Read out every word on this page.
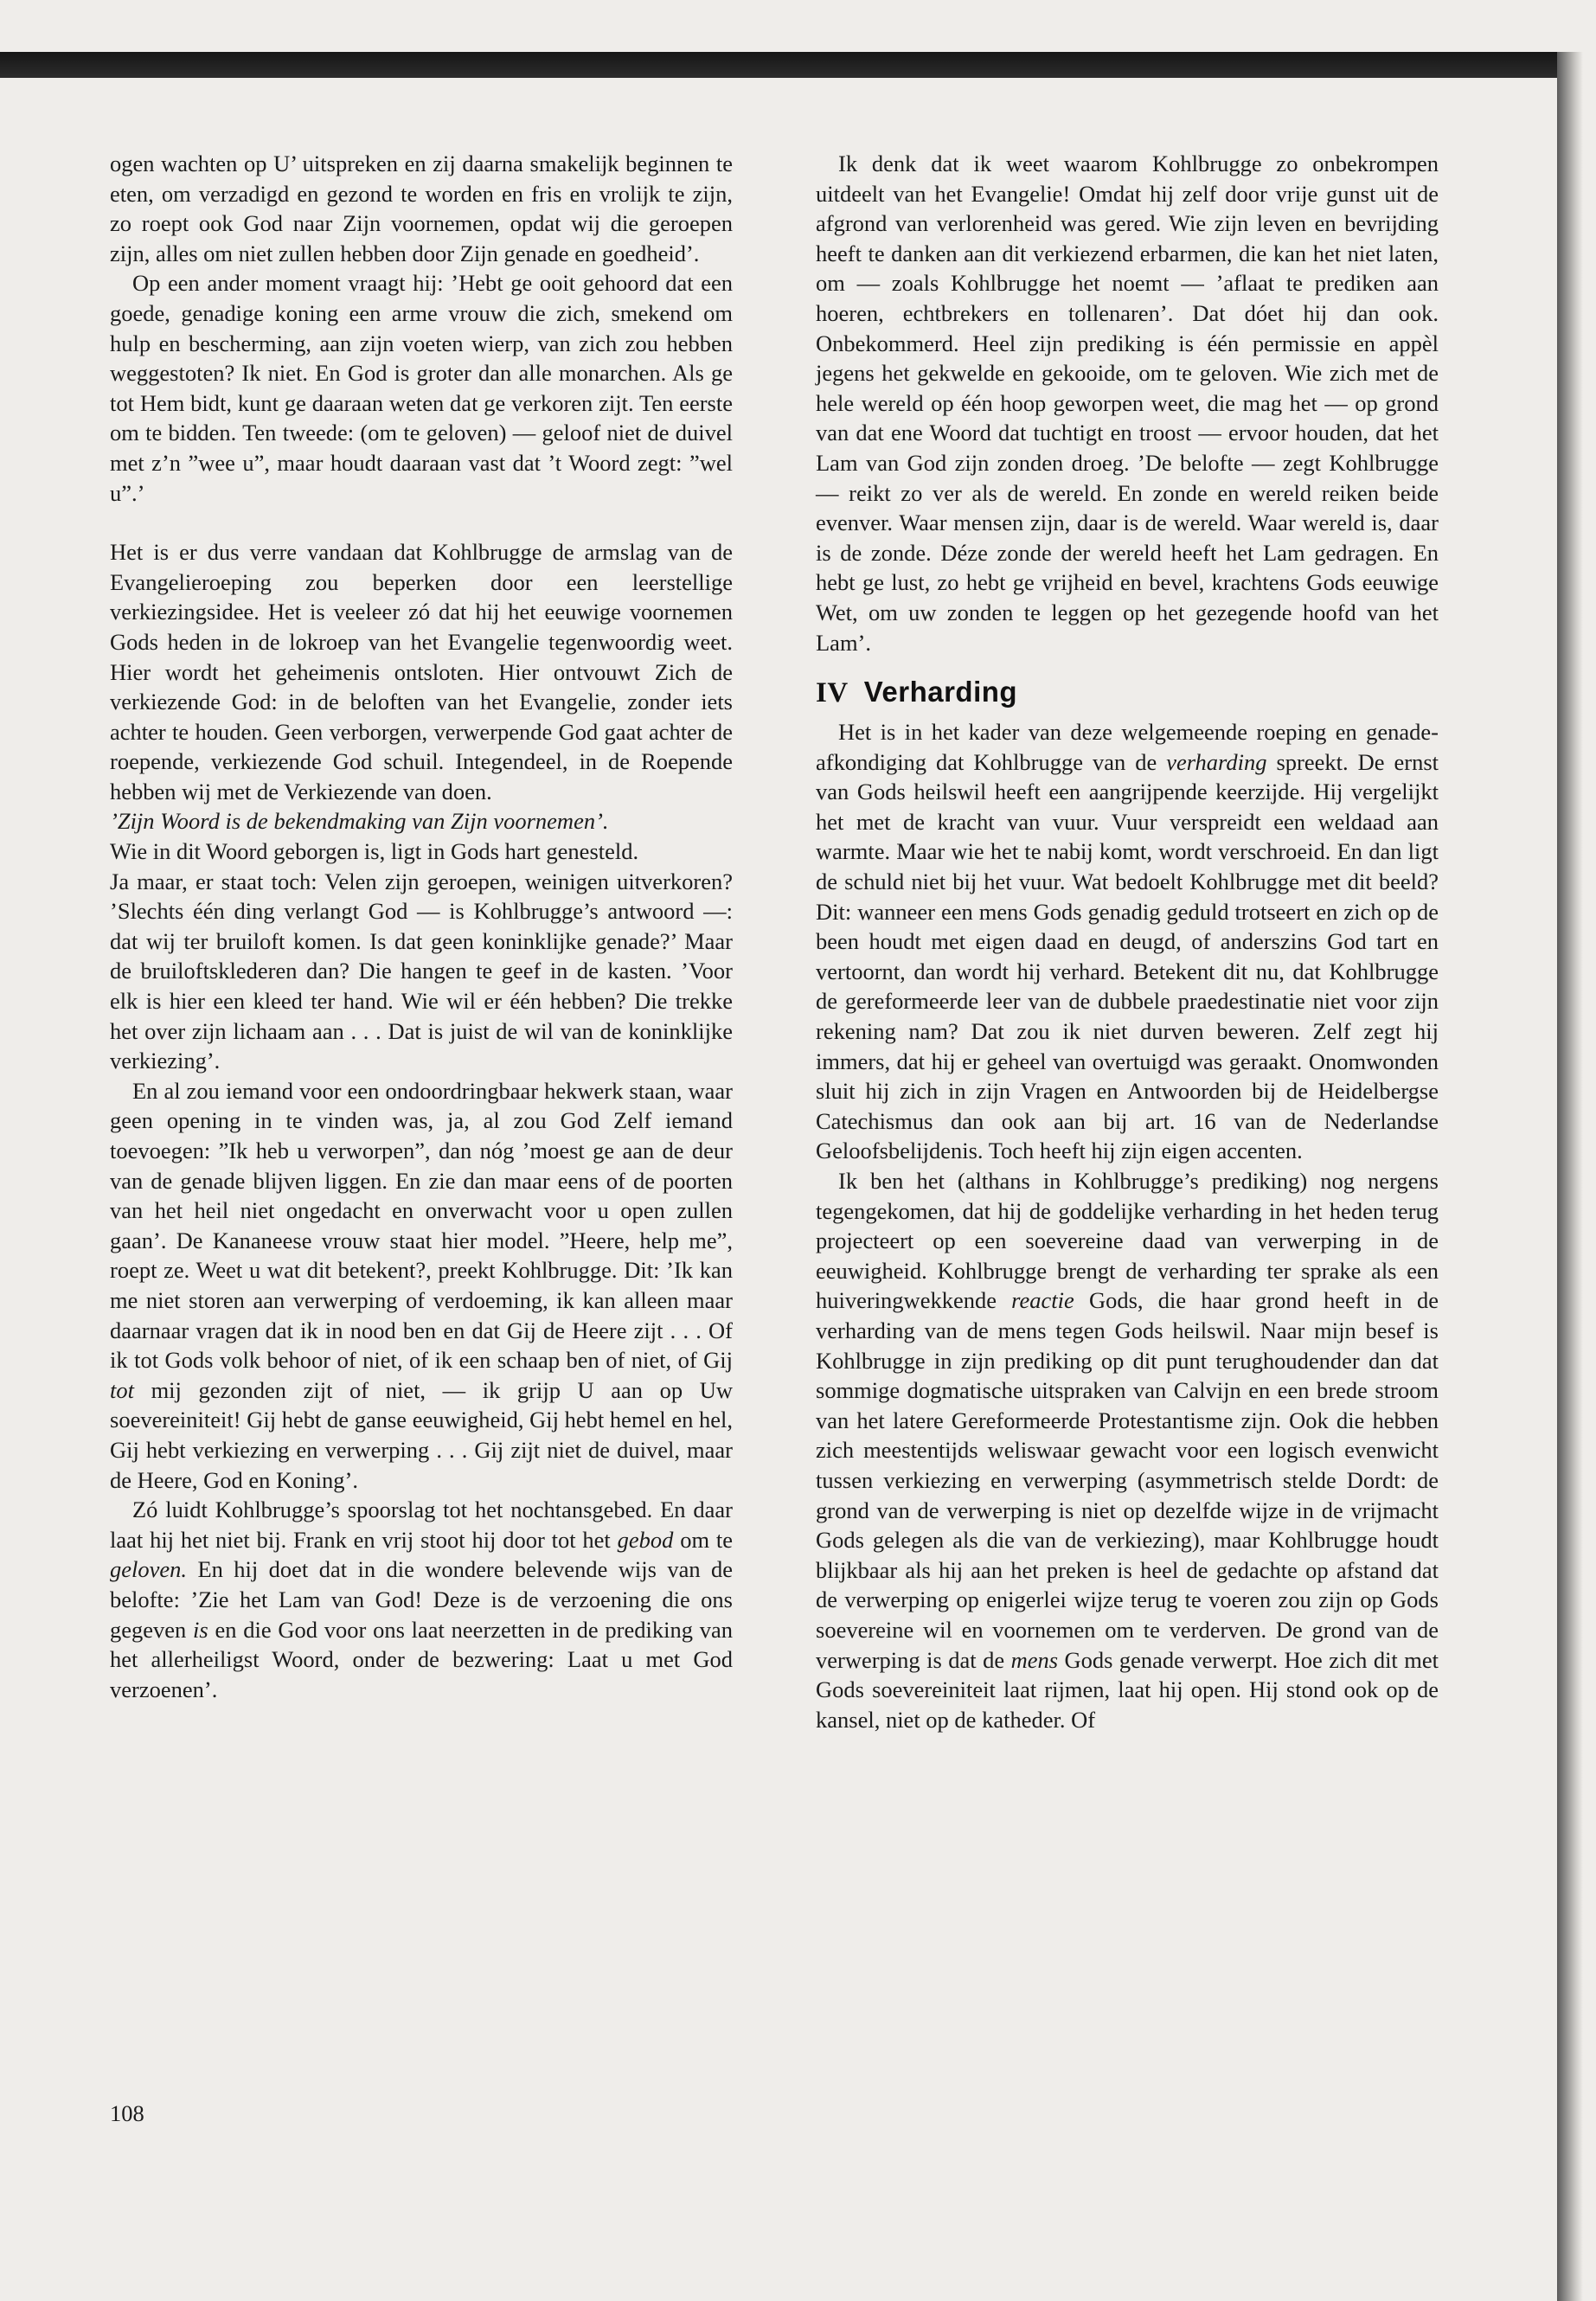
ogen wachten op U’ uitspreken en zij daarna smakelijk beginnen te eten, om verzadigd en gezond te worden en fris en vrolijk te zijn, zo roept ook God naar Zijn voornemen, opdat wij die geroepen zijn, alles om niet zullen hebben door Zijn genade en goedheid’.

Op een ander moment vraagt hij: ’Hebt ge ooit gehoord dat een goede, genadige koning een arme vrouw die zich, smekend om hulp en bescherming, aan zijn voeten wierp, van zich zou hebben weggestoten? Ik niet. En God is groter dan alle monarchen. Als ge tot Hem bidt, kunt ge daaraan weten dat ge verkoren zijt. Ten eerste om te bidden. Ten tweede: (om te geloven) — geloof niet de duivel met z’n ”wee u”, maar houdt daaraan vast dat ’t Woord zegt: ”wel u”.’

Het is er dus verre vandaan dat Kohlbrugge de armslag van de Evangelieroeping zou beperken door een leerstellige verkiezingsidee. Het is veeleer zó dat hij het eeuwige voornemen Gods heden in de lokroep van het Evangelie tegenwoordig weet. Hier wordt het geheimenis ontsloten. Hier ontvouwt Zich de verkiezende God: in de beloften van het Evangelie, zonder iets achter te houden. Geen verborgen, verwerpende God gaat achter de roepende, verkiezende God schuil. Integendeel, in de Roepende hebben wij met de Verkiezende van doen.

’Zijn Woord is de bekendmaking van Zijn voornemen’.

Wie in dit Woord geborgen is, ligt in Gods hart genesteld.

Ja maar, er staat toch: Velen zijn geroepen, weinigen uitverkoren? ’Slechts één ding verlangt God — is Kohlbrugge’s antwoord —: dat wij ter bruiloft komen. Is dat geen koninklijke genade?’ Maar de bruiloftsklederen dan? Die hangen te geef in de kasten. ’Voor elk is hier een kleed ter hand. Wie wil er één hebben? Die trekke het over zijn lichaam aan . . . Dat is juist de wil van de koninklijke verkiezing’.

En al zou iemand voor een ondoordringbaar hekwerk staan, waar geen opening in te vinden was, ja, al zou God Zelf iemand toevoegen: ”Ik heb u verworpen”, dan nóg ’moest ge aan de deur van de genade blijven liggen. En zie dan maar eens of de poorten van het heil niet ongedacht en onverwacht voor u open zullen gaan’. De Kananeese vrouw staat hier model. ”Heere, help me”, roept ze. Weet u wat dit betekent?, preekt Kohlbrugge. Dit: ’Ik kan me niet storen aan verwerping of verdoeming, ik kan alleen maar daarnaar vragen dat ik in nood ben en dat Gij de Heere zijt . . . Of ik tot Gods volk behoor of niet, of ik een schaap ben of niet, of Gij tot mij gezonden zijt of niet, — ik grijp U aan op Uw soevereiniteit! Gij hebt de ganse eeuwigheid, Gij hebt hemel en hel, Gij hebt verkiezing en verwerping . . . Gij zijt niet de duivel, maar de Heere, God en Koning’.

Zó luidt Kohlbrugge’s spoorslag tot het nochtansgebed. En daar laat hij het niet bij. Frank en vrij stoot hij door tot het gebod om te geloven. En hij doet dat in die wondere belevende wijs van de belofte: ’Zie het Lam van God! Deze is de verzoening die ons gegeven is en die God voor ons laat neerzetten in de prediking van het allerheiligst Woord, onder de bezwering: Laat u met God verzoenen’.

108

Ik denk dat ik weet waarom Kohlbrugge zo onbekrompen uitdeelt van het Evangelie! Omdat hij zelf door vrije gunst uit de afgrond van verlorenheid was gered. Wie zijn leven en bevrijding heeft te danken aan dit verkiezend erbarmen, die kan het niet laten, om — zoals Kohlbrugge het noemt — ’aflaat te prediken aan hoeren, echtbrekers en tollenaren’. Dat dóet hij dan ook. Onbekommerd. Heel zijn prediking is één permissie en appèl jegens het gekwelde en gekooide, om te geloven. Wie zich met de hele wereld op één hoop geworpen weet, die mag het — op grond van dat ene Woord dat tuchtigt en troost — ervoor houden, dat het Lam van God zijn zonden droeg. ’De belofte — zegt Kohlbrugge — reikt zo ver als de wereld. En zonde en wereld reiken beide evenver. Waar mensen zijn, daar is de wereld. Waar wereld is, daar is de zonde. Déze zonde der wereld heeft het Lam gedragen. En hebt ge lust, zo hebt ge vrijheid en bevel, krachtens Gods eeuwige Wet, om uw zonden te leggen op het gezegende hoofd van het Lam’.

IV Verharding

Het is in het kader van deze welgemeende roeping en genade-afkondiging dat Kohlbrugge van de verharding spreekt. De ernst van Gods heilswil heeft een aangrijpende keerzijde. Hij vergelijkt het met de kracht van vuur. Vuur verspreidt een weldaad aan warmte. Maar wie het te nabij komt, wordt verschroeid. En dan ligt de schuld niet bij het vuur. Wat bedoelt Kohlbrugge met dit beeld? Dit: wanneer een mens Gods genadig geduld trotseert en zich op de been houdt met eigen daad en deugd, of anderszins God tart en vertoornt, dan wordt hij verhard. Betekent dit nu, dat Kohlbrugge de gereformeerde leer van de dubbele praedestinatie niet voor zijn rekening nam? Dat zou ik niet durven beweren. Zelf zegt hij immers, dat hij er geheel van overtuigd was geraakt. Onomwonden sluit hij zich in zijn Vragen en Antwoorden bij de Heidelbergse Catechismus dan ook aan bij art. 16 van de Nederlandse Geloofsbelijdenis. Toch heeft hij zijn eigen accenten.

Ik ben het (althans in Kohlbrugge’s prediking) nog nergens tegengekomen, dat hij de goddelijke verharding in het heden terug projecteert op een soevereine daad van verwerping in de eeuwigheid. Kohlbrugge brengt de verharding ter sprake als een huiveringwekkende reactie Gods, die haar grond heeft in de verharding van de mens tegen Gods heilswil. Naar mijn besef is Kohlbrugge in zijn prediking op dit punt terughoudender dan dat sommige dogmatische uitspraken van Calvijn en een brede stroom van het latere Gereformeerde Protestantisme zijn. Ook die hebben zich meestentijds weliswaar gewacht voor een logisch evenwicht tussen verkiezing en verwerping (asymmetrisch stelde Dordt: de grond van de verwerping is niet op dezelfde wijze in de vrijmacht Gods gelegen als die van de verkiezing), maar Kohlbrugge houdt blijkbaar als hij aan het preken is heel de gedachte op afstand dat de verwerping op enigerlei wijze terug te voeren zou zijn op Gods soevereine wil en voornemen om te verderven. De grond van de verwerping is dat de mens Gods genade verwerpt. Hoe zich dit met Gods soevereiniteit laat rijmen, laat hij open. Hij stond ook op de kansel, niet op de katheder. Of
